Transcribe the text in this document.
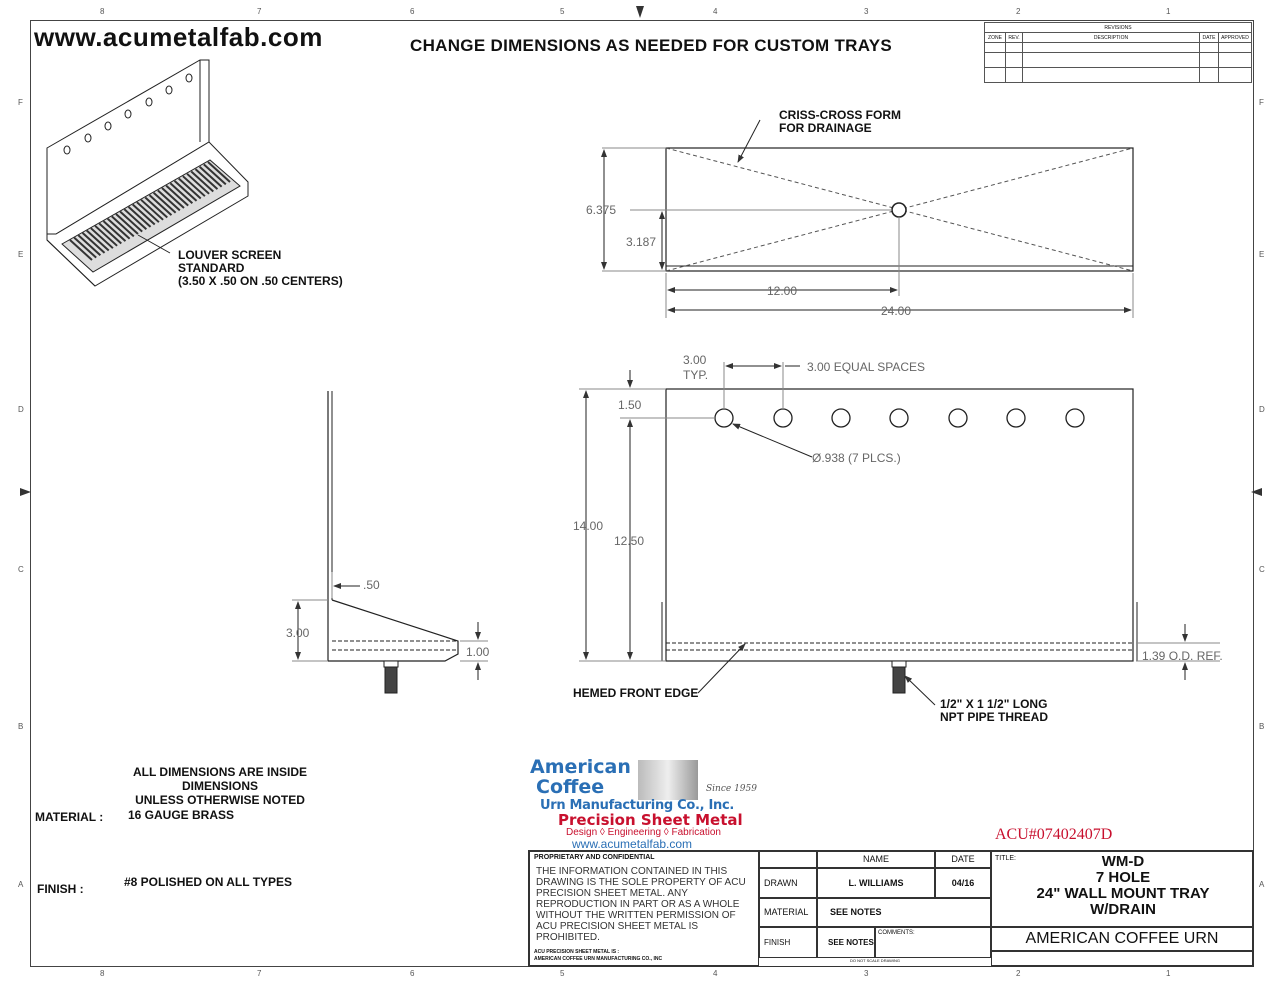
8	7	6	5	4	3	2	1
8	7	6	5	4	3	2	1
F
E
D
C
B
A
F
E
D
C
B
A
www.acumetalfab.com	CHANGE DIMENSIONS AS NEEDED FOR CUSTOM TRAYS
REVISIONS				
ZONE	REV.	DESCRIPTION	DATE	APPROVED

LOUVER SCREEN
STANDARD
(3.50 X .50 ON .50 CENTERS)
CRISS-CROSS FORM
FOR DRAINAGE
HEMED FRONT EDGE
1/2" X 1 1/2" LONG
NPT PIPE THREAD
6.375
3.187
12.00
24.00
3.00
TYP.
3.00 EQUAL SPACES
1.50
Ø.938 (7 PLCS.)
14.00
12.50
1.39 O.D. REF.
.50
3.00
1.00
ALL DIMENSIONS ARE INSIDE DIMENSIONS
UNLESS OTHERWISE NOTED
MATERIAL : 16 GAUGE BRASS
FINISH :	#8 POLISHED ON ALL TYPES
American
Coffee	Since 1959
Urn Manufacturing Co., Inc.
Precision Sheet Metal
Design ◊ Engineering ◊ Fabrication
www.acumetalfab.com
ACU#07402407D
PROPRIETARY AND CONFIDENTIAL
THE INFORMATION CONTAINED IN THIS DRAWING IS THE SOLE PROPERTY OF ACU PRECISION SHEET METAL. ANY REPRODUCTION IN PART OR AS A WHOLE WITHOUT THE WRITTEN PERMISSION OF ACU PRECISION SHEET METAL IS PROHIBITED.
ACU PRECISION SHEET METAL IS :
AMERICAN COFFEE URN MANUFACTURING CO., INC
NAME	DATE
DRAWN	L. WILLIAMS	04/16
MATERIAL	SEE NOTES
FINISH	SEE NOTES
COMMENTS:
DO NOT SCALE DRAWING
TITLE:	WM-D
7 HOLE
24" WALL MOUNT TRAY
W/DRAIN
AMERICAN COFFEE URN
